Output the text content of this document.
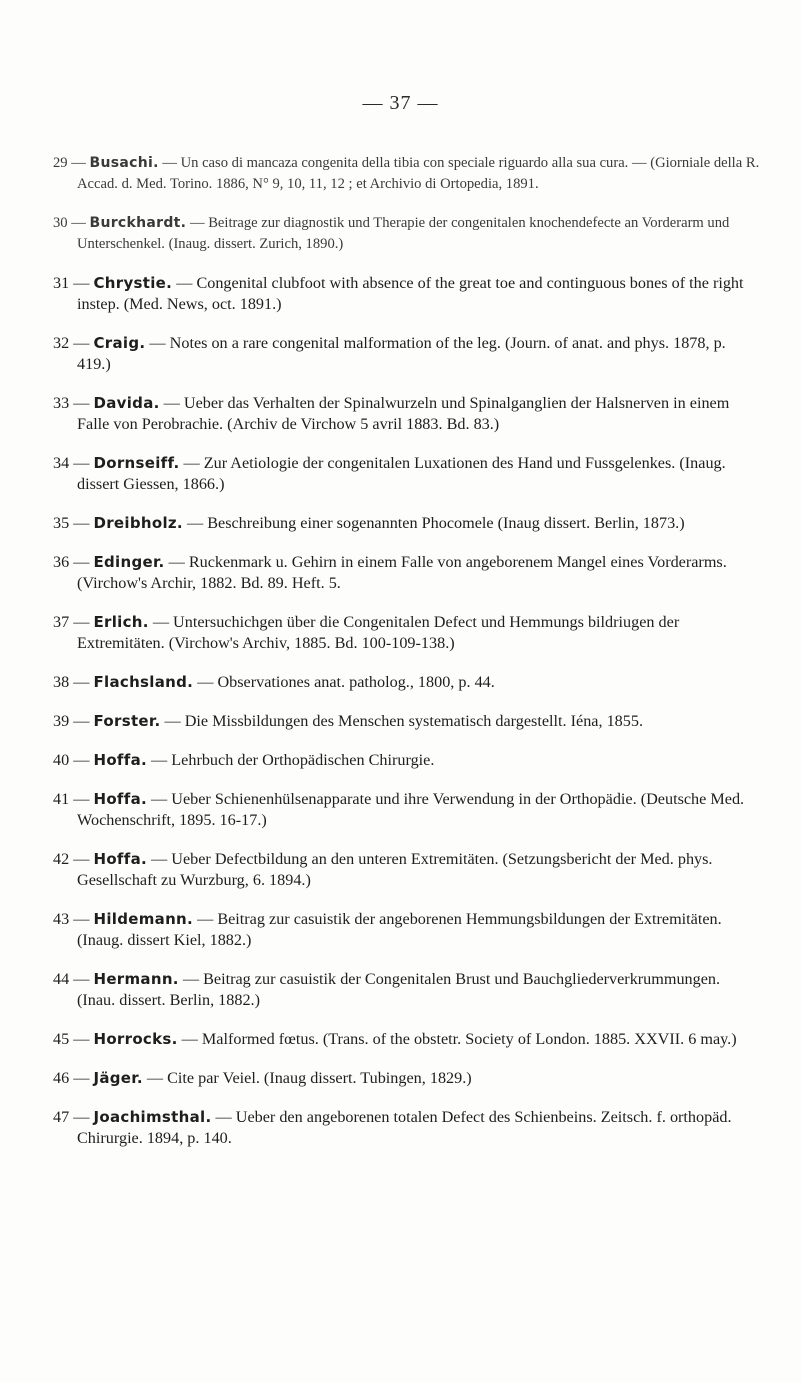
— 37 —

29 — Busachi. — Un caso di mancaza congenita della tibia con speciale riguardo alla sua cura. — (Giorniale della R. Accad. d. Med. Torino. 1886, N° 9, 10, 11, 12 ; et Archivio di Ortopedia, 1891.

30 — Burckhardt. — Beitrage zur diagnostik und Therapie der congenitalen knochendefecte an Vorderarm und Unterschenkel. (Inaug. dissert. Zurich, 1890.)

31 — Chrystie. — Congenital clubfoot with absence of the great toe and continguous bones of the right instep. (Med. News, oct. 1891.)

32 — Craig. — Notes on a rare congenital malformation of the leg. (Journ. of anat. and phys. 1878, p. 419.)

33 — Davida. — Ueber das Verhalten der Spinalwurzeln und Spinalganglien der Halsnerven in einem Falle von Perobrachie. (Archiv de Virchow 5 avril 1883. Bd. 83.)

34 — Dornseiff. — Zur Aetiologie der congenitalen Luxationen des Hand und Fussgelenkes. (Inaug. dissert Giessen, 1866.)

35 — Dreibholz. — Beschreibung einer sogenannten Phocomele (Inaug dissert. Berlin, 1873.)

36 — Edinger. — Ruckenmark u. Gehirn in einem Falle von angeborenem Mangel eines Vorderarms. (Virchow's Archir, 1882. Bd. 89. Heft. 5.

37 — Erlich. — Untersuchichgen über die Congenitalen Defect und Hemmungs bildriugen der Extremitäten. (Virchow's Archiv, 1885. Bd. 100-109-138.)

38 — Flachsland. — Observationes anat. patholog., 1800, p. 44.

39 — Forster. — Die Missbildungen des Menschen systematisch dargestellt. Iéna, 1855.

40 — Hoffa. — Lehrbuch der Orthopädischen Chirurgie.

41 — Hoffa. — Ueber Schienenhülsenapparate und ihre Verwendung in der Orthopädie. (Deutsche Med. Wochenschrift, 1895. 16-17.)

42 — Hoffa. — Ueber Defectbildung an den unteren Extremitäten. (Setzungsbericht der Med. phys. Gesellschaft zu Wurzburg, 6. 1894.)

43 — Hildemann. — Beitrag zur casuistik der angeborenen Hemmungsbildungen der Extremitäten. (Inaug. dissert Kiel, 1882.)

44 — Hermann. — Beitrag zur casuistik der Congenitalen Brust und Bauchgliederverkrummungen. (Inau. dissert. Berlin, 1882.)

45 — Horrocks. — Malformed fœtus. (Trans. of the obstetr. Society of London. 1885. XXVII. 6 may.)

46 — Jäger. — Cite par Veiel. (Inaug dissert. Tubingen, 1829.)

47 — Joachimsthal. — Ueber den angeborenen totalen Defect des Schienbeins. Zeitsch. f. orthopäd. Chirurgie. 1894, p. 140.
